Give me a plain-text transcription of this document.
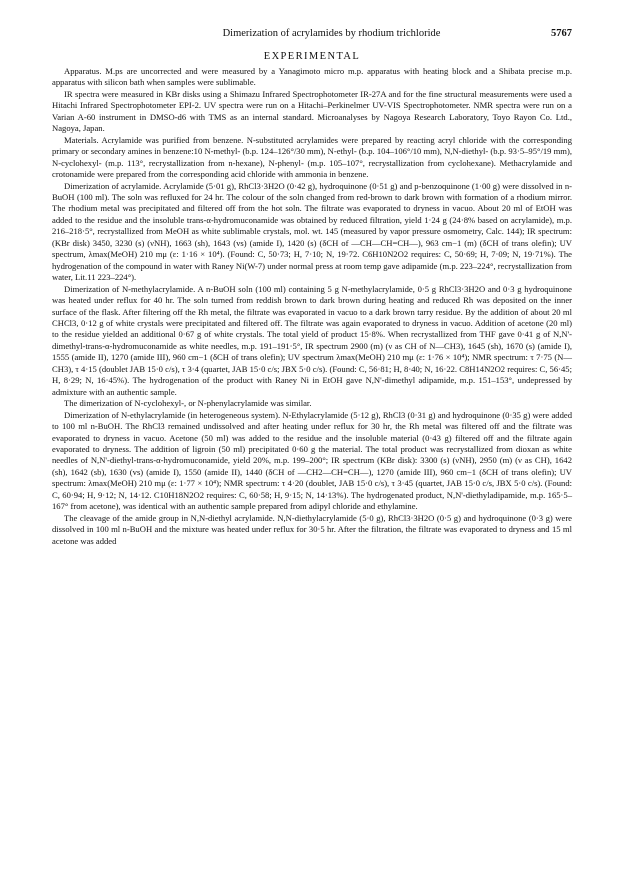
Dimerization of acrylamides by rhodium trichloride	5767
EXPERIMENTAL

Apparatus. M.ps are uncorrected and were measured by a Yanagimoto micro m.p. apparatus with heating block and a Shibata precise m.p. apparatus with silicon bath when samples were sublimable.

IR spectra were measured in KBr disks using a Shimazu Infrared Spectrophotometer IR-27A and for the fine structural measurements were used a Hitachi Infrared Spectrophotometer EPI-2. UV spectra were run on a Hitachi–Perkinelmer UV-VIS Spectrophotometer. NMR spectra were run on a Varian A-60 instrument in DMSO-d6 with TMS as an internal standard. Microanalyses by Nagoya Research Laboratory, Toyo Rayon Co. Ltd., Nagoya, Japan.

Materials. Acrylamide was purified from benzene. N-substituted acrylamides were prepared by reacting acryl chloride with the corresponding primary or secondary amines in benzene:10 N-methyl- (b.p. 124–126°/30 mm), N-ethyl- (b.p. 104–106°/10 mm), N,N-diethyl- (b.p. 93·5–95°/19 mm), N-cyclohexyl- (m.p. 113°, recrystallization from n-hexane), N-phenyl- (m.p. 105–107°, recrystallization from cyclohexane). Methacrylamide and crotonamide were prepared from the corresponding acid chloride with ammonia in benzene.

Dimerization of acrylamide. Acrylamide (5·01 g), RhCl3·3H2O (0·42 g), hydroquinone (0·51 g) and p-benzoquinone (1·00 g) were dissolved in n-BuOH (100 ml). The soln was refluxed for 24 hr. The colour of the soln changed from red-brown to dark brown with formation of a rhodium mirror. The rhodium metal was precipitated and filtered off from the hot soln. The filtrate was evaporated to dryness in vacuo. About 20 ml of EtOH was added to the residue and the insoluble trans-α-hydromuconamide was obtained by reduced filtration, yield 1·24 g (24·8% based on acrylamide), m.p. 216–218·5°, recrystallized from MeOH as white sublimable crystals, mol. wt. 145 (measured by vapor pressure osmometry, Calc. 144); IR spectrum: (KBr disk) 3450, 3230 (s) (νNH), 1663 (sh), 1643 (vs) (amide I), 1420 (s) (δCH of —CH—CH=CH—), 963 cm−1 (m) (δCH of trans olefin); UV spectrum, λmax(MeOH) 210 mμ (ε: 1·16 × 10⁴). (Found: C, 50·73; H, 7·10; N, 19·72. C6H10N2O2 requires: C, 50·69; H, 7·09; N, 19·71%). The hydrogenation of the compound in water with Raney Ni(W-7) under normal press at room temp gave adipamide (m.p. 223–224°, recrystallization from water, Lit.11 223–224°).

Dimerization of N-methylacrylamide. A n-BuOH soln (100 ml) containing 5 g N-methylacrylamide, 0·5 g RhCl3·3H2O and 0·3 g hydroquinone was heated under reflux for 40 hr. The soln turned from reddish brown to dark brown during heating and reduced Rh was deposited on the inner surface of the flask. After filtering off the Rh metal, the filtrate was evaporated in vacuo to a dark brown tarry residue. By the addition of about 20 ml CHCl3, 0·12 g of white crystals were precipitated and filtered off. The filtrate was again evaporated to dryness in vacuo. Addition of acetone (20 ml) to the residue yielded an additional 0·67 g of white crystals. The total yield of product 15·8%. When recrystallized from THF gave 0·41 g of N,N'-dimethyl-trans-α-hydromuconamide as white needles, m.p. 191–191·5°, IR spectrum 2900 (m) (ν as CH of N—CH3), 1645 (sh), 1670 (s) (amide I), 1555 (amide II), 1270 (amide III), 960 cm−1 (δCH of trans olefin); UV spectrum λmax(MeOH) 210 mμ (ε: 1·76 × 10⁴); NMR spectrum: τ 7·75 (N—CH3), τ 4·15 (doublet JAB 15·0 c/s), τ 3·4 (quartet, JAB 15·0 c/s; JBX 5·0 c/s). (Found: C, 56·81; H, 8·40; N, 16·22. C8H14N2O2 requires: C, 56·45; H, 8·29; N, 16·45%). The hydrogenation of the product with Raney Ni in EtOH gave N,N'-dimethyl adipamide, m.p. 151–153°, undepressed by admixture with an authentic sample.

The dimerization of N-cyclohexyl-, or N-phenylacrylamide was similar.

Dimerization of N-ethylacrylamide (in heterogeneous system). N-Ethylacrylamide (5·12 g), RhCl3 (0·31 g) and hydroquinone (0·35 g) were added to 100 ml n-BuOH. The RhCl3 remained undissolved and after heating under reflux for 30 hr, the Rh metal was filtered off and the filtrate was evaporated to dryness in vacuo. Acetone (50 ml) was added to the residue and the insoluble material (0·43 g) filtered off and the filtrate again evaporated to dryness. The addition of ligroin (50 ml) precipitated 0·60 g the material. The total product was recrystallized from dioxan as white needles of N,N'-diethyl-trans-α-hydromuconamide, yield 20%, m.p. 199–200°; IR spectrum (KBr disk): 3300 (s) (νNH), 2950 (m) (ν as CH), 1642 (sh), 1642 (sb), 1630 (vs) (amide I), 1550 (amide II), 1440 (δCH of —CH2—CH=CH—), 1270 (amide III), 960 cm−1 (δCH of trans olefin); UV spectrum: λmax(MeOH) 210 mμ (ε: 1·77 × 10⁴); NMR spectrum: τ 4·20 (doublet, JAB 15·0 c/s), τ 3·45 (quartet, JAB 15·0 c/s, JBX 5·0 c/s). (Found: C, 60·94; H, 9·12; N, 14·12. C10H18N2O2 requires: C, 60·58; H, 9·15; N, 14·13%). The hydrogenated product, N,N'-diethyladipamide, m.p. 165·5–167° from acetone), was identical with an authentic sample prepared from adipyl chloride and ethylamine.

The cleavage of the amide group in N,N-diethyl acrylamide. N,N-diethylacrylamide (5·0 g), RhCl3·3H2O (0·5 g) and hydroquinone (0·3 g) were dissolved in 100 ml n-BuOH and the mixture was heated under reflux for 30·5 hr. After the filtration, the filtrate was evaporated to dryness and 15 ml acetone was added
